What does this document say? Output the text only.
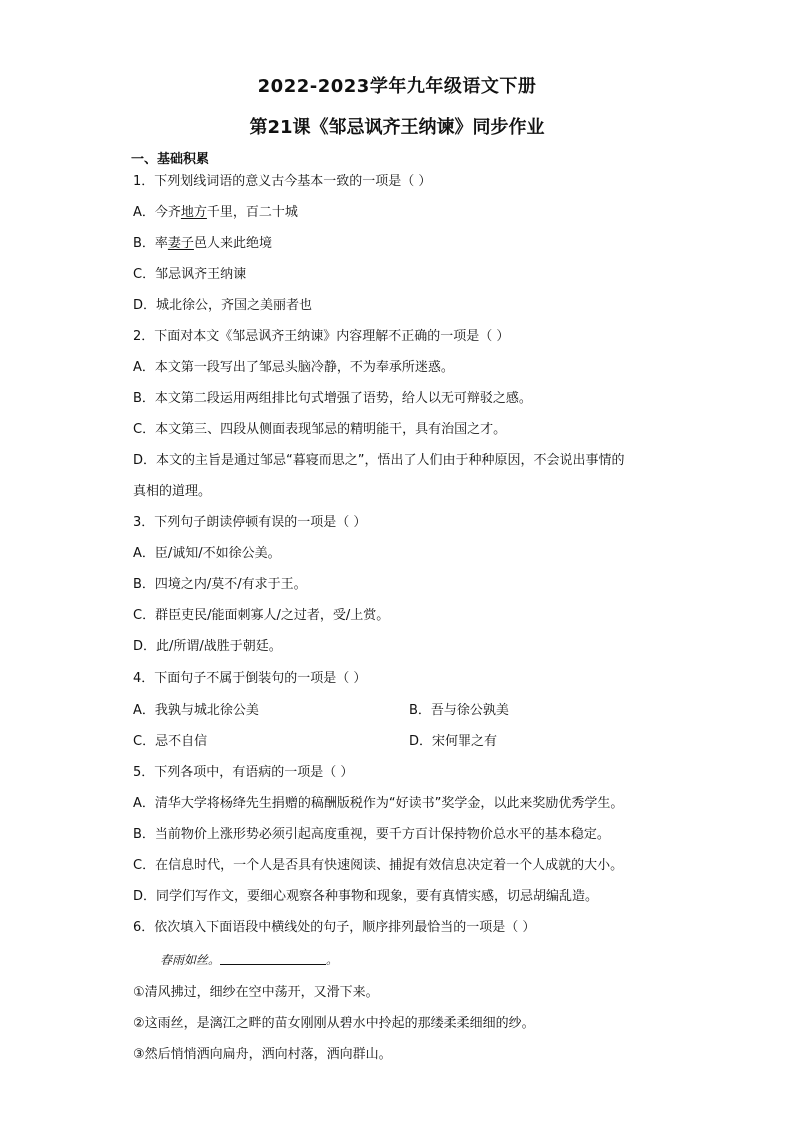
2022-2023学年九年级语文下册
第21课《邹忌讽齐王纳谏》同步作业
一、基础积累
1．下列划线词语的意义古今基本一致的一项是（ ）
A．今齐地方千里，百二十城
B．率妻子邑人来此绝境
C．邹忌讽齐王纳谏
D．城北徐公，齐国之美丽者也
2．下面对本文《邹忌讽齐王纳谏》内容理解不正确的一项是（ ）
A．本文第一段写出了邹忌头脑冷静，不为奉承所迷惑。
B．本文第二段运用两组排比句式增强了语势，给人以无可辩驳之感。
C．本文第三、四段从侧面表现邹忌的精明能干，具有治国之才。
D．本文的主旨是通过邹忌“暮寝而思之”，悟出了人们由于种种原因，不会说出事情的
真相的道理。
3．下列句子朗读停顿有误的一项是（ ）
A．臣/诚知/不如徐公美。
B．四境之内/莫不/有求于王。
C．群臣吏民/能面刺寡人/之过者，受/上赏。
D．此/所谓/战胜于朝廷。
4．下面句子不属于倒装句的一项是（ ）
A．我孰与城北徐公美	B．吾与徐公孰美
C．忌不自信	D．宋何罪之有
5．下列各项中，有语病的一项是（ ）
A．清华大学将杨绛先生捐赠的稿酬版税作为“好读书”奖学金，以此来奖励优秀学生。
B．当前物价上涨形势必须引起高度重视，要千方百计保持物价总水平的基本稳定。
C．在信息时代，一个人是否具有快速阅读、捕捉有效信息决定着一个人成就的大小。
D．同学们写作文，要细心观察各种事物和现象，要有真情实感，切忌胡编乱造。
6．依次填入下面语段中横线处的句子，顺序排列最恰当的一项是（ ）
春雨如丝。	。
①清风拂过，细纱在空中荡开，又滑下来。
②这雨丝，是漓江之畔的苗女刚刚从碧水中拎起的那缕柔柔细细的纱。
③然后悄悄洒向扁舟，洒向村落，洒向群山。
